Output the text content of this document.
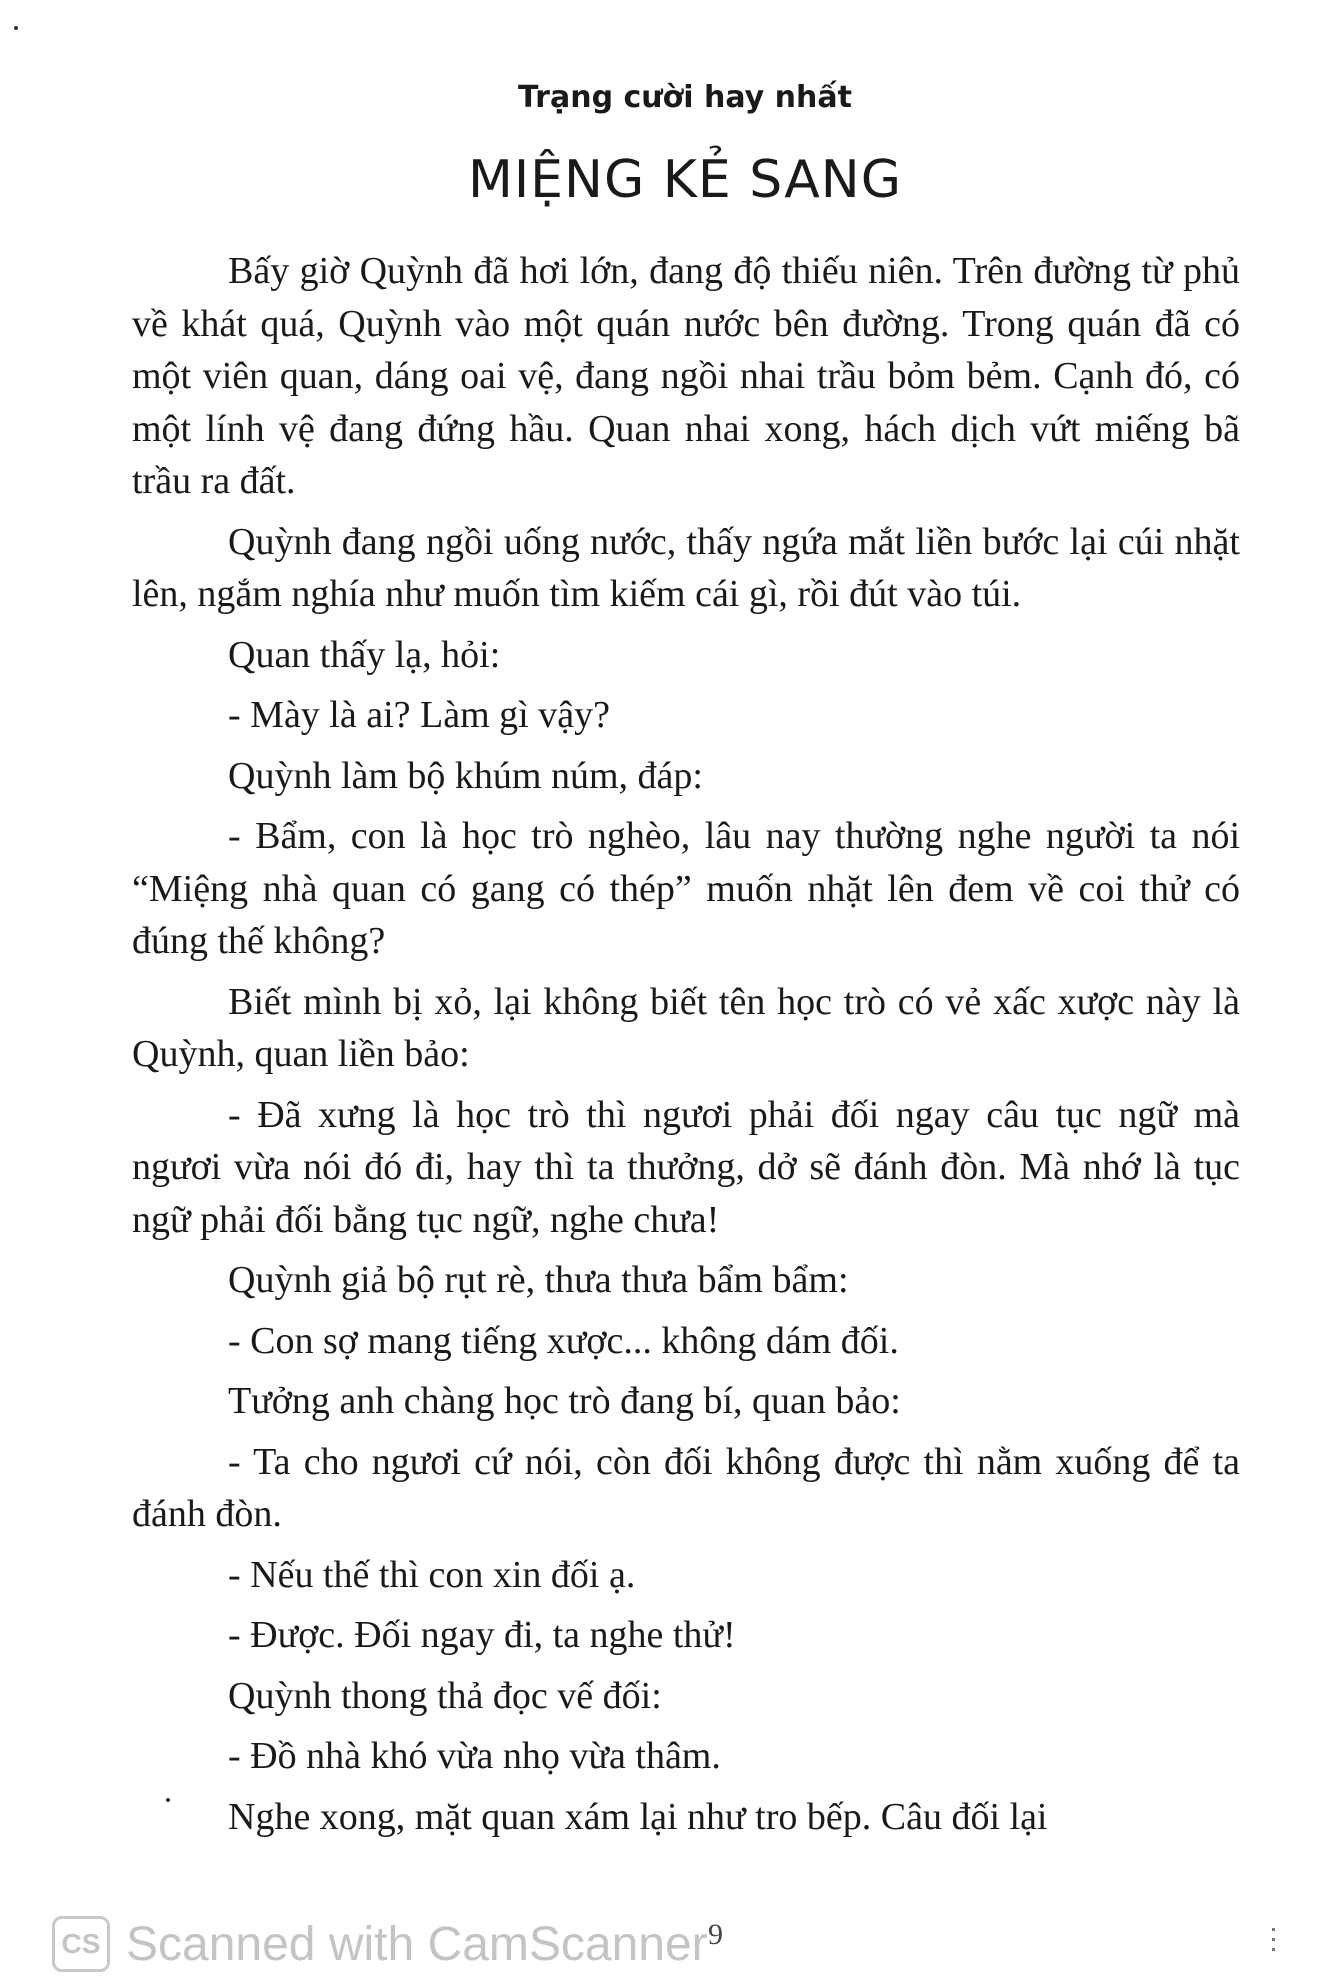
Trạng cười hay nhất
MIỆNG KẺ SANG

Bấy giờ Quỳnh đã hơi lớn, đang độ thiếu niên. Trên đường từ phủ về khát quá, Quỳnh vào một quán nước bên đường. Trong quán đã có một viên quan, dáng oai vệ, đang ngồi nhai trầu bỏm bẻm. Cạnh đó, có một lính vệ đang đứng hầu. Quan nhai xong, hách dịch vứt miếng bã trầu ra đất.

Quỳnh đang ngồi uống nước, thấy ngứa mắt liền bước lại cúi nhặt lên, ngắm nghía như muốn tìm kiếm cái gì, rồi đút vào túi.

Quan thấy lạ, hỏi:

- Mày là ai? Làm gì vậy?

Quỳnh làm bộ khúm núm, đáp:

- Bẩm, con là học trò nghèo, lâu nay thường nghe người ta nói “Miệng nhà quan có gang có thép” muốn nhặt lên đem về coi thử có đúng thế không?

Biết mình bị xỏ, lại không biết tên học trò có vẻ xấc xược này là Quỳnh, quan liền bảo:

- Đã xưng là học trò thì ngươi phải đối ngay câu tục ngữ mà ngươi vừa nói đó đi, hay thì ta thưởng, dở sẽ đánh đòn. Mà nhớ là tục ngữ phải đối bằng tục ngữ, nghe chưa!

Quỳnh giả bộ rụt rè, thưa thưa bẩm bẩm:

- Con sợ mang tiếng xược... không dám đối.

Tưởng anh chàng học trò đang bí, quan bảo:

- Ta cho ngươi cứ nói, còn đối không được thì nằm xuống để ta đánh đòn.

- Nếu thế thì con xin đối ạ.

- Được. Đối ngay đi, ta nghe thử!

Quỳnh thong thả đọc vế đối:

- Đồ nhà khó vừa nhọ vừa thâm.

Nghe xong, mặt quan xám lại như tro bếp. Câu đối lại

9
CS Scanned with CamScanner
